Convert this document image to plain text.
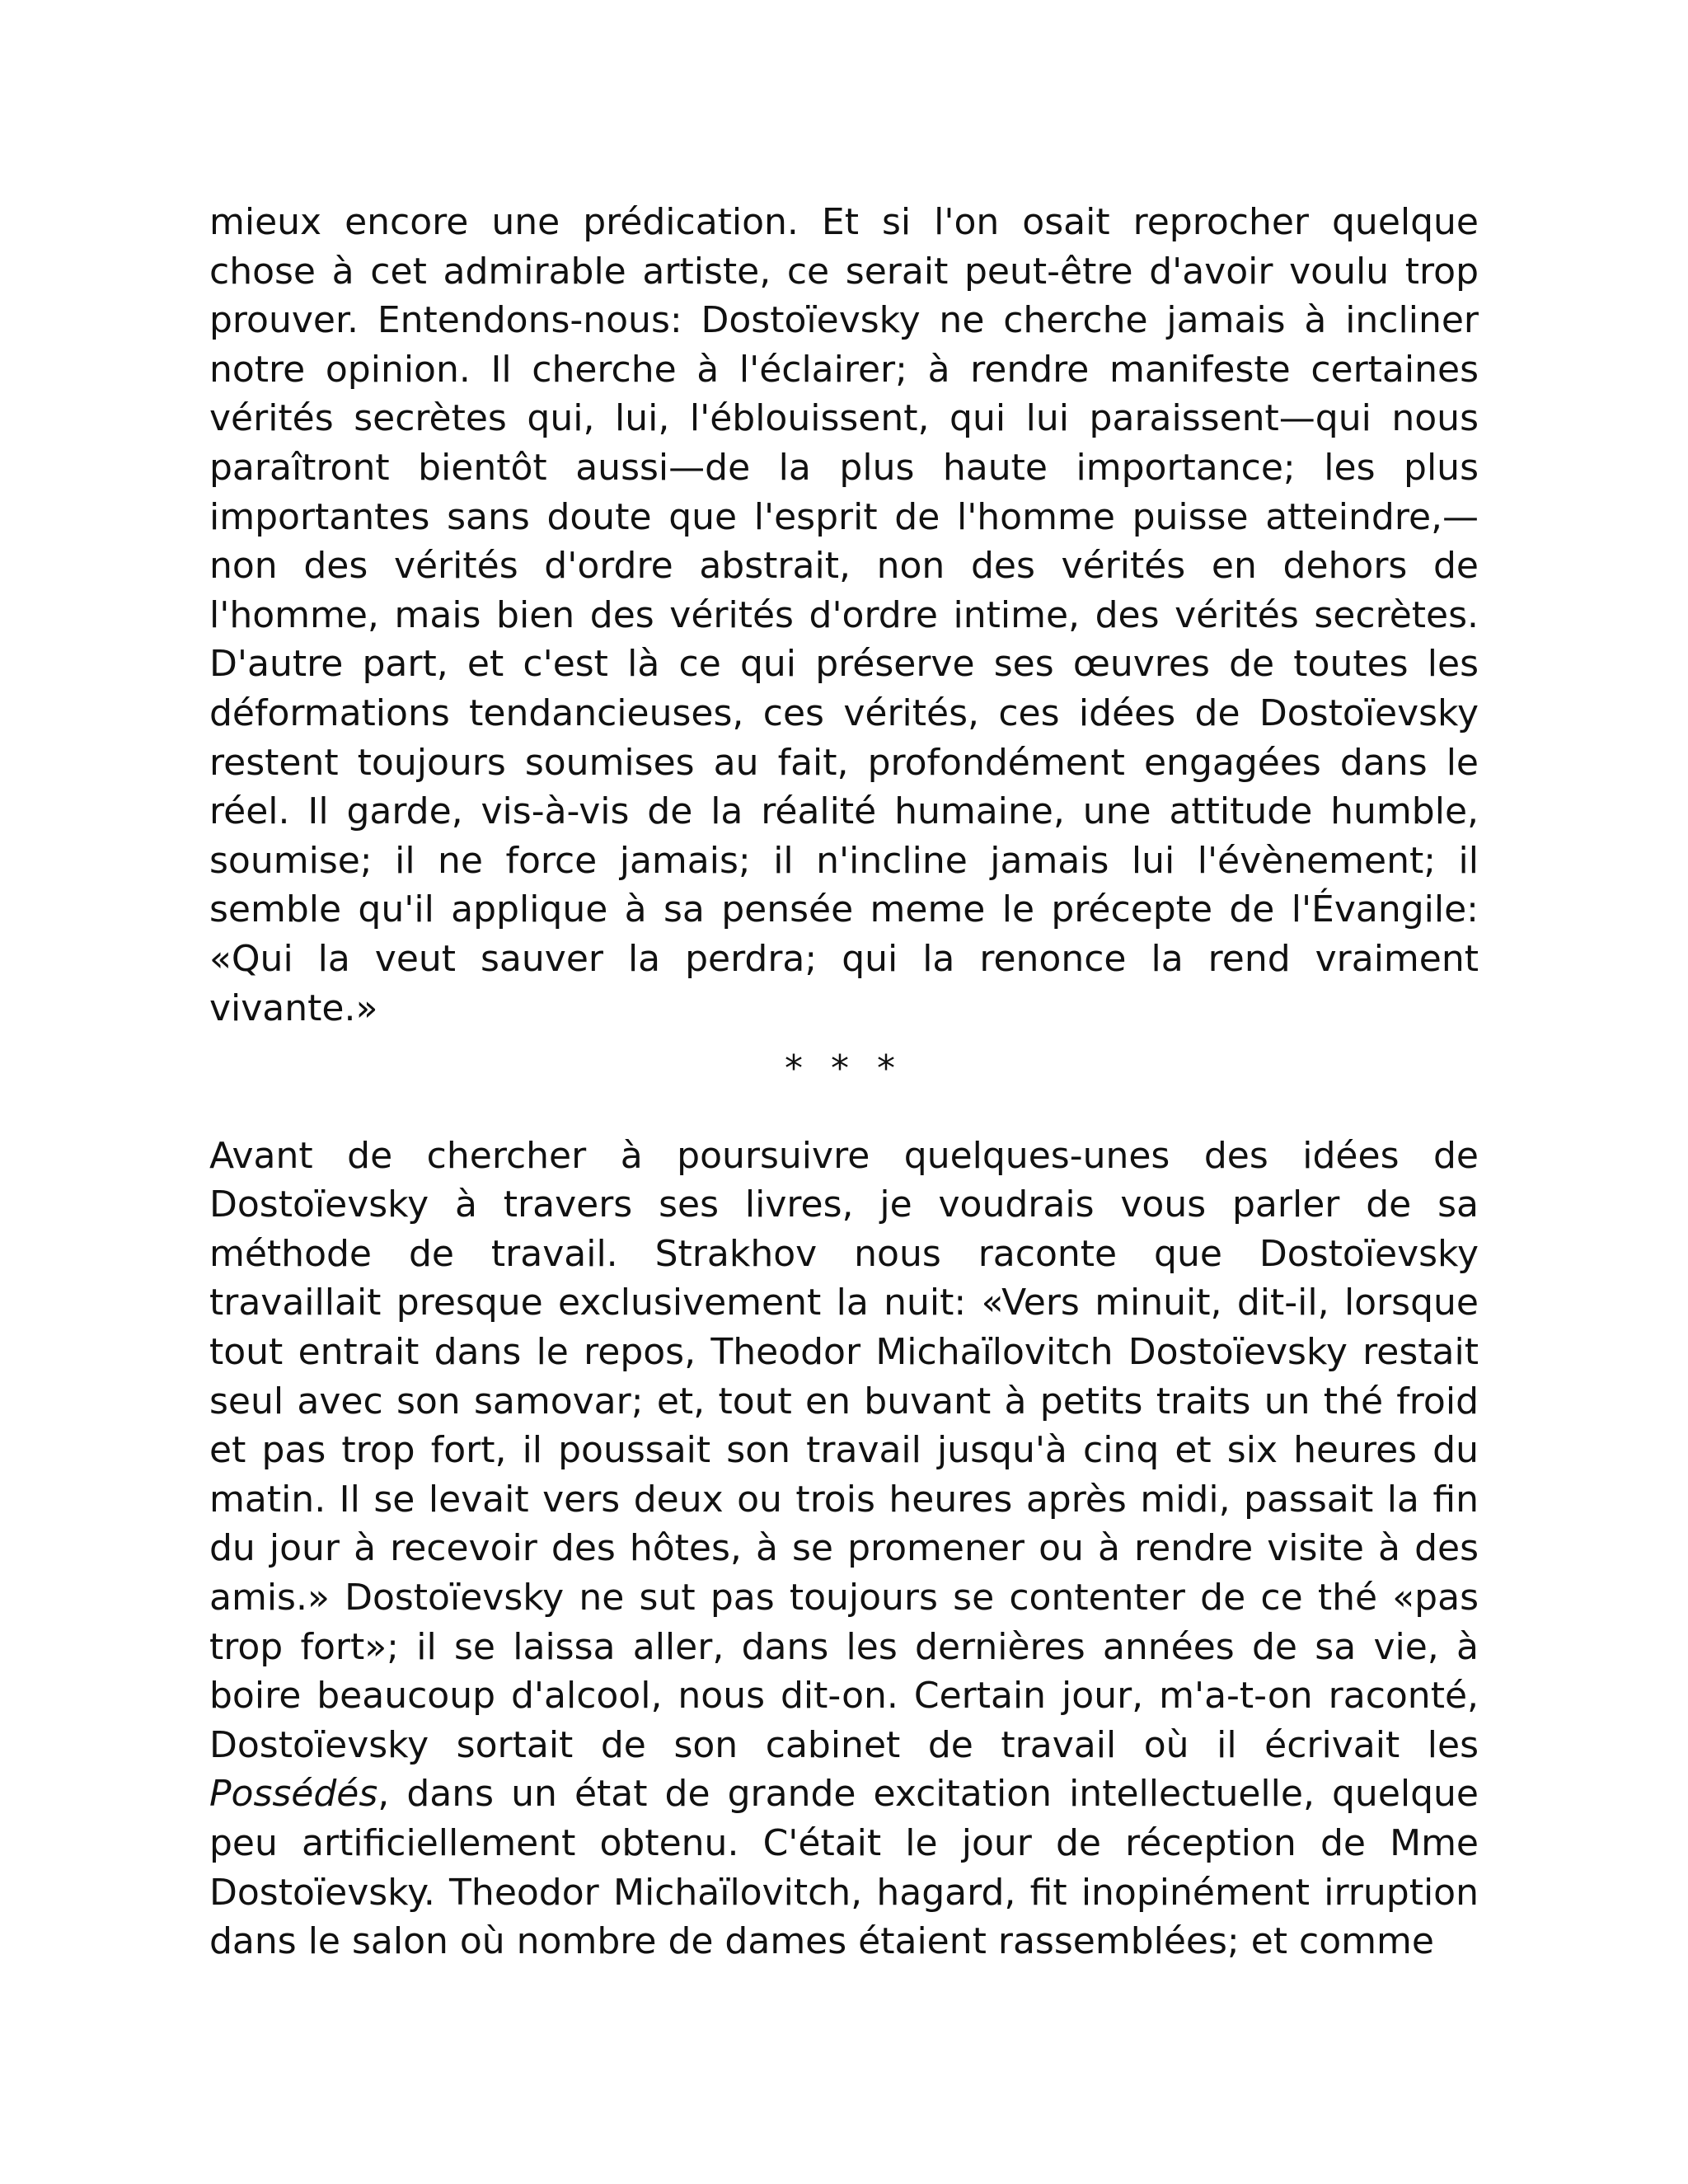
mieux encore une prédication. Et si l'on osait reprocher quelque chose à cet admirable artiste, ce serait peut-être d'avoir voulu trop prouver. Entendons-nous: Dostoïevsky ne cherche jamais à incliner notre opinion. Il cherche à l'éclairer; à rendre manifeste certaines vérités secrètes qui, lui, l'éblouissent, qui lui paraissent—qui nous paraîtront bientôt aussi—de la plus haute importance; les plus importantes sans doute que l'esprit de l'homme puisse atteindre,—non des vérités d'ordre abstrait, non des vérités en dehors de l'homme, mais bien des vérités d'ordre intime, des vérités secrètes. D'autre part, et c'est là ce qui préserve ses œuvres de toutes les déformations tendancieuses, ces vérités, ces idées de Dostoïevsky restent toujours soumises au fait, profondément engagées dans le réel. Il garde, vis-à-vis de la réalité humaine, une attitude humble, soumise; il ne force jamais; il n'incline jamais lui l'évènement; il semble qu'il applique à sa pensée meme le précepte de l'Évangile: «Qui la veut sauver la perdra; qui la renonce la rend vraiment vivante.»

* * *

Avant de chercher à poursuivre quelques-unes des idées de Dostoïevsky à travers ses livres, je voudrais vous parler de sa méthode de travail. Strakhov nous raconte que Dostoïevsky travaillait presque exclusivement la nuit: «Vers minuit, dit-il, lorsque tout entrait dans le repos, Theodor Michaïlovitch Dostoïevsky restait seul avec son samovar; et, tout en buvant à petits traits un thé froid et pas trop fort, il poussait son travail jusqu'à cinq et six heures du matin. Il se levait vers deux ou trois heures après midi, passait la fin du jour à recevoir des hôtes, à se promener ou à rendre visite à des amis.» Dostoïevsky ne sut pas toujours se contenter de ce thé «pas trop fort»; il se laissa aller, dans les dernières années de sa vie, à boire beaucoup d'alcool, nous dit-on. Certain jour, m'a-t-on raconté, Dostoïevsky sortait de son cabinet de travail où il écrivait les Possédés, dans un état de grande excitation intellectuelle, quelque peu artificiellement obtenu. C'était le jour de réception de Mme Dostoïevsky. Theodor Michaïlovitch, hagard, fit inopinément irruption dans le salon où nombre de dames étaient rassemblées; et comme
